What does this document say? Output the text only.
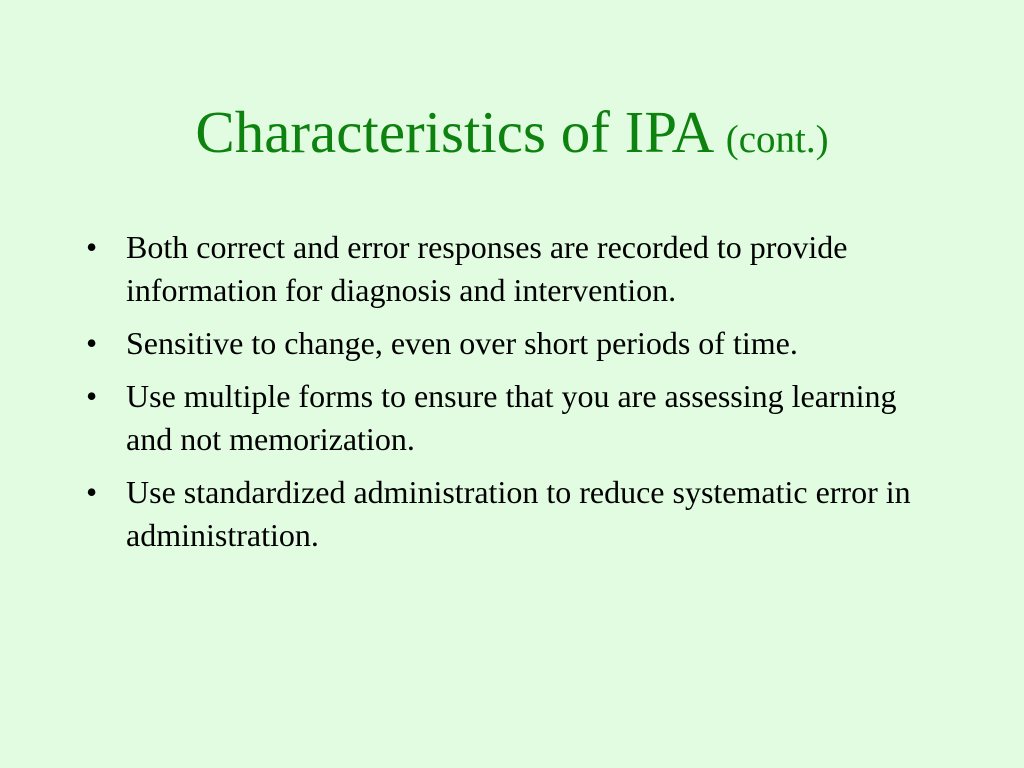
Characteristics of IPA (cont.)
• Both correct and error responses are recorded to provide information for diagnosis and intervention.
• Sensitive to change, even over short periods of time.
• Use multiple forms to ensure that you are assessing learning and not memorization.
• Use standardized administration to reduce systematic error in administration.
